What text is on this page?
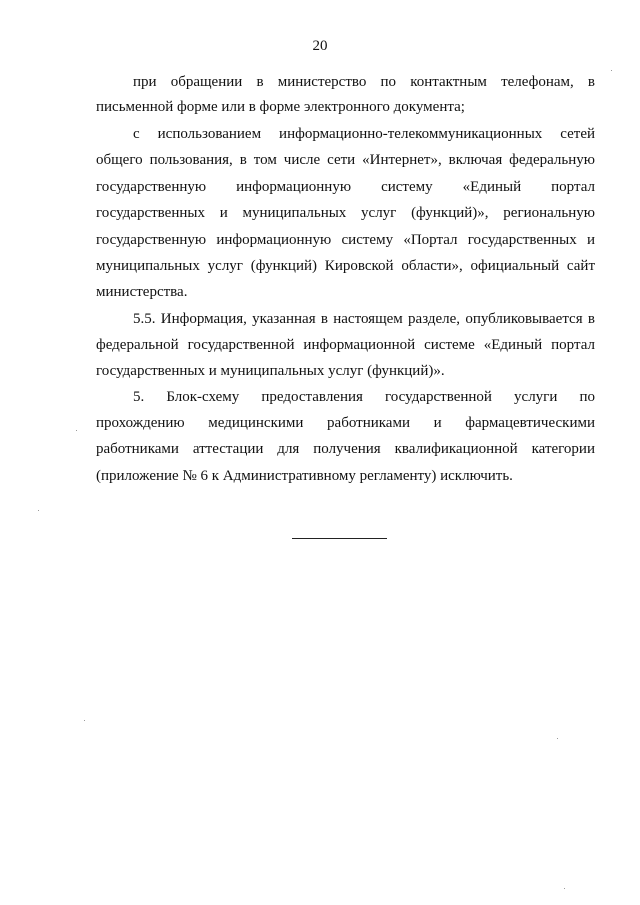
20
при обращении в министерство по контактным телефонам, в
письменной форме или в форме электронного документа;
с использованием информационно-телекоммуникационных сетей
общего пользования, в том числе сети «Интернет», включая федеральную
государственную информационную систему «Единый портал
государственных и муниципальных услуг (функций)», региональную
государственную информационную систему «Портал государственных и
муниципальных услуг (функций) Кировской области», официальный сайт
министерства.
5.5. Информация, указанная в настоящем разделе, опубликовывается в
федеральной государственной информационной системе «Единый портал
государственных и муниципальных услуг (функций)».
5. Блок-схему предоставления государственной услуги по
прохождению медицинскими работниками и фармацевтическими
работниками аттестации для получения квалификационной категории
(приложение № 6 к Административному регламенту) исключить.
